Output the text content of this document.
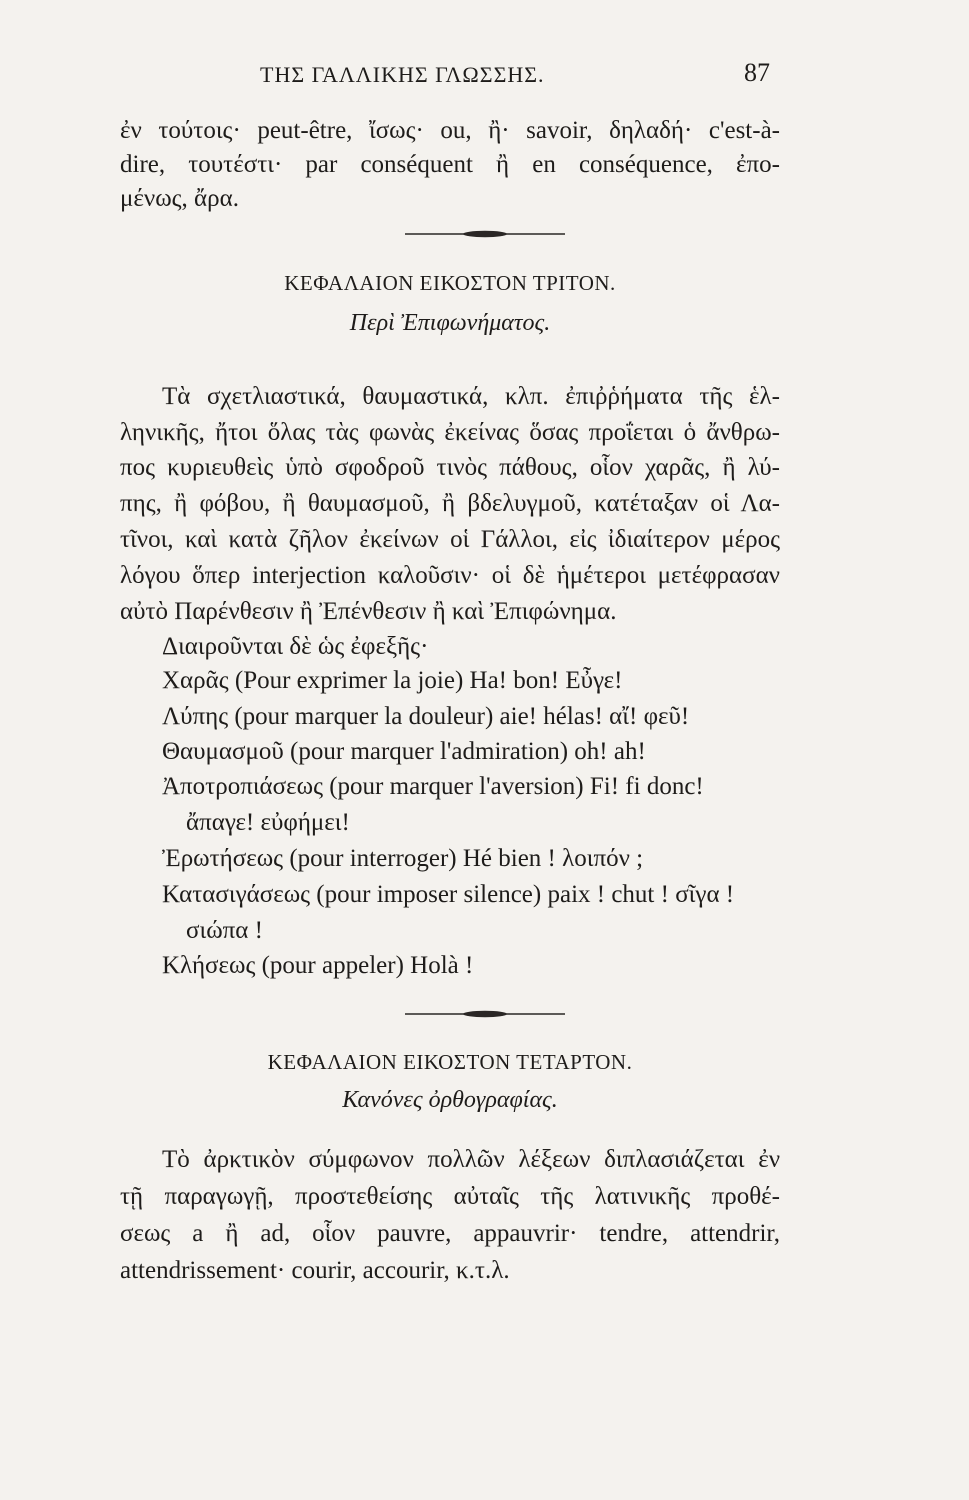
ΤΗΣ ΓΑΛΛΙΚΗΣ ΓΛΩΣΣΗΣ.	87
ἐν τούτοις· peut-être, ἴσως· ou, ἢ· savoir, δηλαδή· c'est-à-
dire, τουτέστι· par conséquent ἢ en conséquence, ἐπο-
μένως, ἄρα.
ΚΕΦΑΛΑΙΟΝ ΕΙΚΟΣΤΟΝ ΤΡΙΤΟΝ.
Περὶ Ἐπιφωνήματος.
Τὰ σχετλιαστικά, θαυμαστικά, κλπ. ἐπιῤῥήματα τῆς ἑλ-
ληνικῆς, ἤτοι ὅλας τὰς φωνὰς ἐκείνας ὅσας προΐεται ὁ ἄνθρω-
πος κυριευθεὶς ὑπὸ σφοδροῦ τινὸς πάθους, οἷον χαρᾶς, ἢ λύ-
πης, ἢ φόβου, ἢ θαυμασμοῦ, ἢ βδελυγμοῦ, κατέταξαν οἱ Λα-
τῖνοι, καὶ κατὰ ζῆλον ἐκείνων οἱ Γάλλοι, εἰς ἰδιαίτερον μέρος
λόγου ὅπερ interjection καλοῦσιν· οἱ δὲ ἡμέτεροι μετέφρασαν
αὐτὸ Παρένθεσιν ἢ Ἐπένθεσιν ἢ καὶ Ἐπιφώνημα.
Διαιροῦνται δὲ ὡς ἐφεξῆς·
Χαρᾶς (Pour exprimer la joie) Ha! bon! Εὖγε!
Λύπης (pour marquer la douleur) aie! hélas! αἴ! φεῦ!
Θαυμασμοῦ (pour marquer l'admiration) oh! ah!
Ἀποτροπιάσεως (pour marquer l'aversion) Fi! fi donc!
ἄπαγε! εὐφήμει!
Ἐρωτήσεως (pour interroger) Hé bien ! λοιπόν ;
Κατασιγάσεως (pour imposer silence) paix ! chut ! σῖγα !
σιώπα !
Κλήσεως (pour appeler) Holà !
ΚΕΦΑΛΑΙΟΝ ΕΙΚΟΣΤΟΝ ΤΕΤΑΡΤΟΝ.
Κανόνες ὀρθογραφίας.
Τὸ ἀρκτικὸν σύμφωνον πολλῶν λέξεων διπλασιάζεται ἐν
τῇ παραγωγῇ, προστεθείσης αὐταῖς τῆς λατινικῆς προθέ-
σεως a ἢ ad, οἷον pauvre, appauvrir· tendre, attendrir,
attendrissement· courir, accourir, κ.τ.λ.
